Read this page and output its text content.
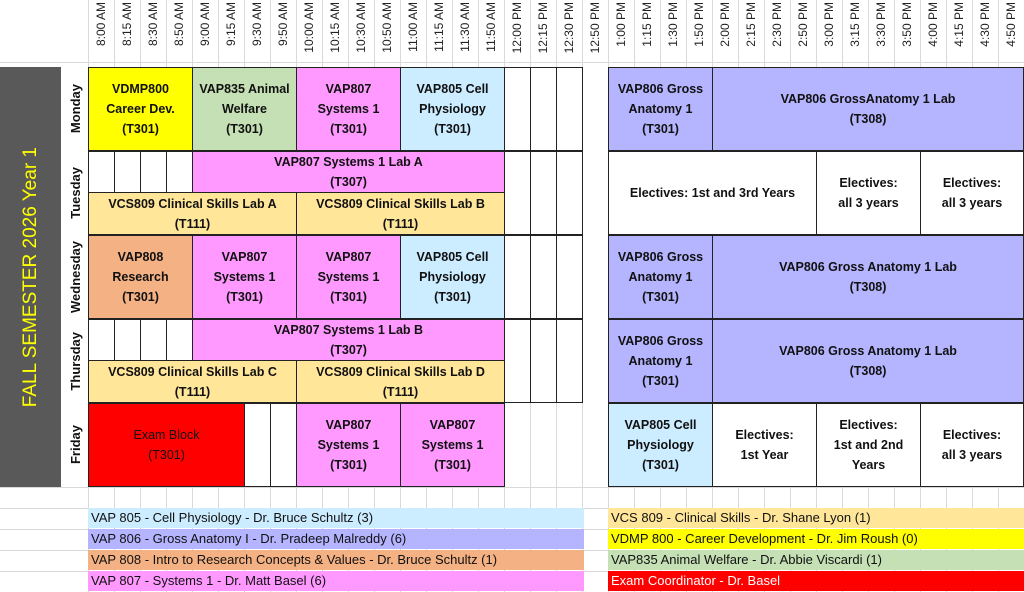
8:00 AM 8:15 AM 8:30 AM 8:50 AM 9:00 AM 9:15 AM 9:30 AM 9:50 AM 10:00 AM 10:15 AM 10:30 AM 10:50 AM 11:00 AM 11:15 AM 11:30 AM 11:50 AM 12:00 PM 12:15 PM 12:30 PM 12:50 PM 1:00 PM 1:15 PM 1:30 PM 1:50 PM 2:00 PM 2:15 PM 2:30 PM 2:50 PM 3:00 PM 3:15 PM 3:30 PM 3:50 PM 4:00 PM 4:15 PM 4:30 PM 4:50 PM
FALL SEMESTER 2026 Year 1
Monday
Tuesday
Wednesday
Thursday
Friday
VDMP800
Career Dev.
(T301)
VAP835 Animal
Welfare
(T301)
VAP807
Systems 1
(T301)
VAP805 Cell
Physiology
(T301)
VAP806 Gross
Anatomy 1
(T301)
VAP806 GrossAnatomy 1 Lab
(T308)
VAP807 Systems 1 Lab A
(T307)
VCS809 Clinical Skills Lab A
(T111)
VCS809 Clinical Skills Lab B
(T111)
Electives: 1st and 3rd Years
Electives:
all 3 years
Electives:
all 3 years
VAP808
Research
(T301)
VAP807
Systems 1
(T301)
VAP807
Systems 1
(T301)
VAP805 Cell
Physiology
(T301)
VAP806 Gross
Anatomy 1
(T301)
VAP806 Gross Anatomy 1 Lab
(T308)
VAP807 Systems 1 Lab B
(T307)
VCS809 Clinical Skills Lab C
(T111)
VCS809 Clinical Skills Lab D
(T111)
VAP806 Gross
Anatomy 1
(T301)
VAP806 Gross Anatomy 1 Lab
(T308)
Exam Block
(T301)
VAP807
Systems 1
(T301)
VAP807
Systems 1
(T301)
VAP805 Cell
Physiology
(T301)
Electives:
1st Year
Electives:
1st and 2nd
Years
Electives:
all 3 years
VAP 805 - Cell Physiology - Dr. Bruce Schultz (3)
VAP 806 - Gross Anatomy I - Dr. Pradeep Malreddy (6)
VAP 808 - Intro to Research Concepts & Values - Dr. Bruce Schultz (1)
VAP 807 - Systems 1 - Dr. Matt Basel (6)
VCS 809 - Clinical Skills - Dr. Shane Lyon (1)
VDMP 800 - Career Development - Dr. Jim Roush (0)
VAP835 Animal Welfare - Dr. Abbie Viscardi (1)
Exam Coordinator - Dr. Basel
